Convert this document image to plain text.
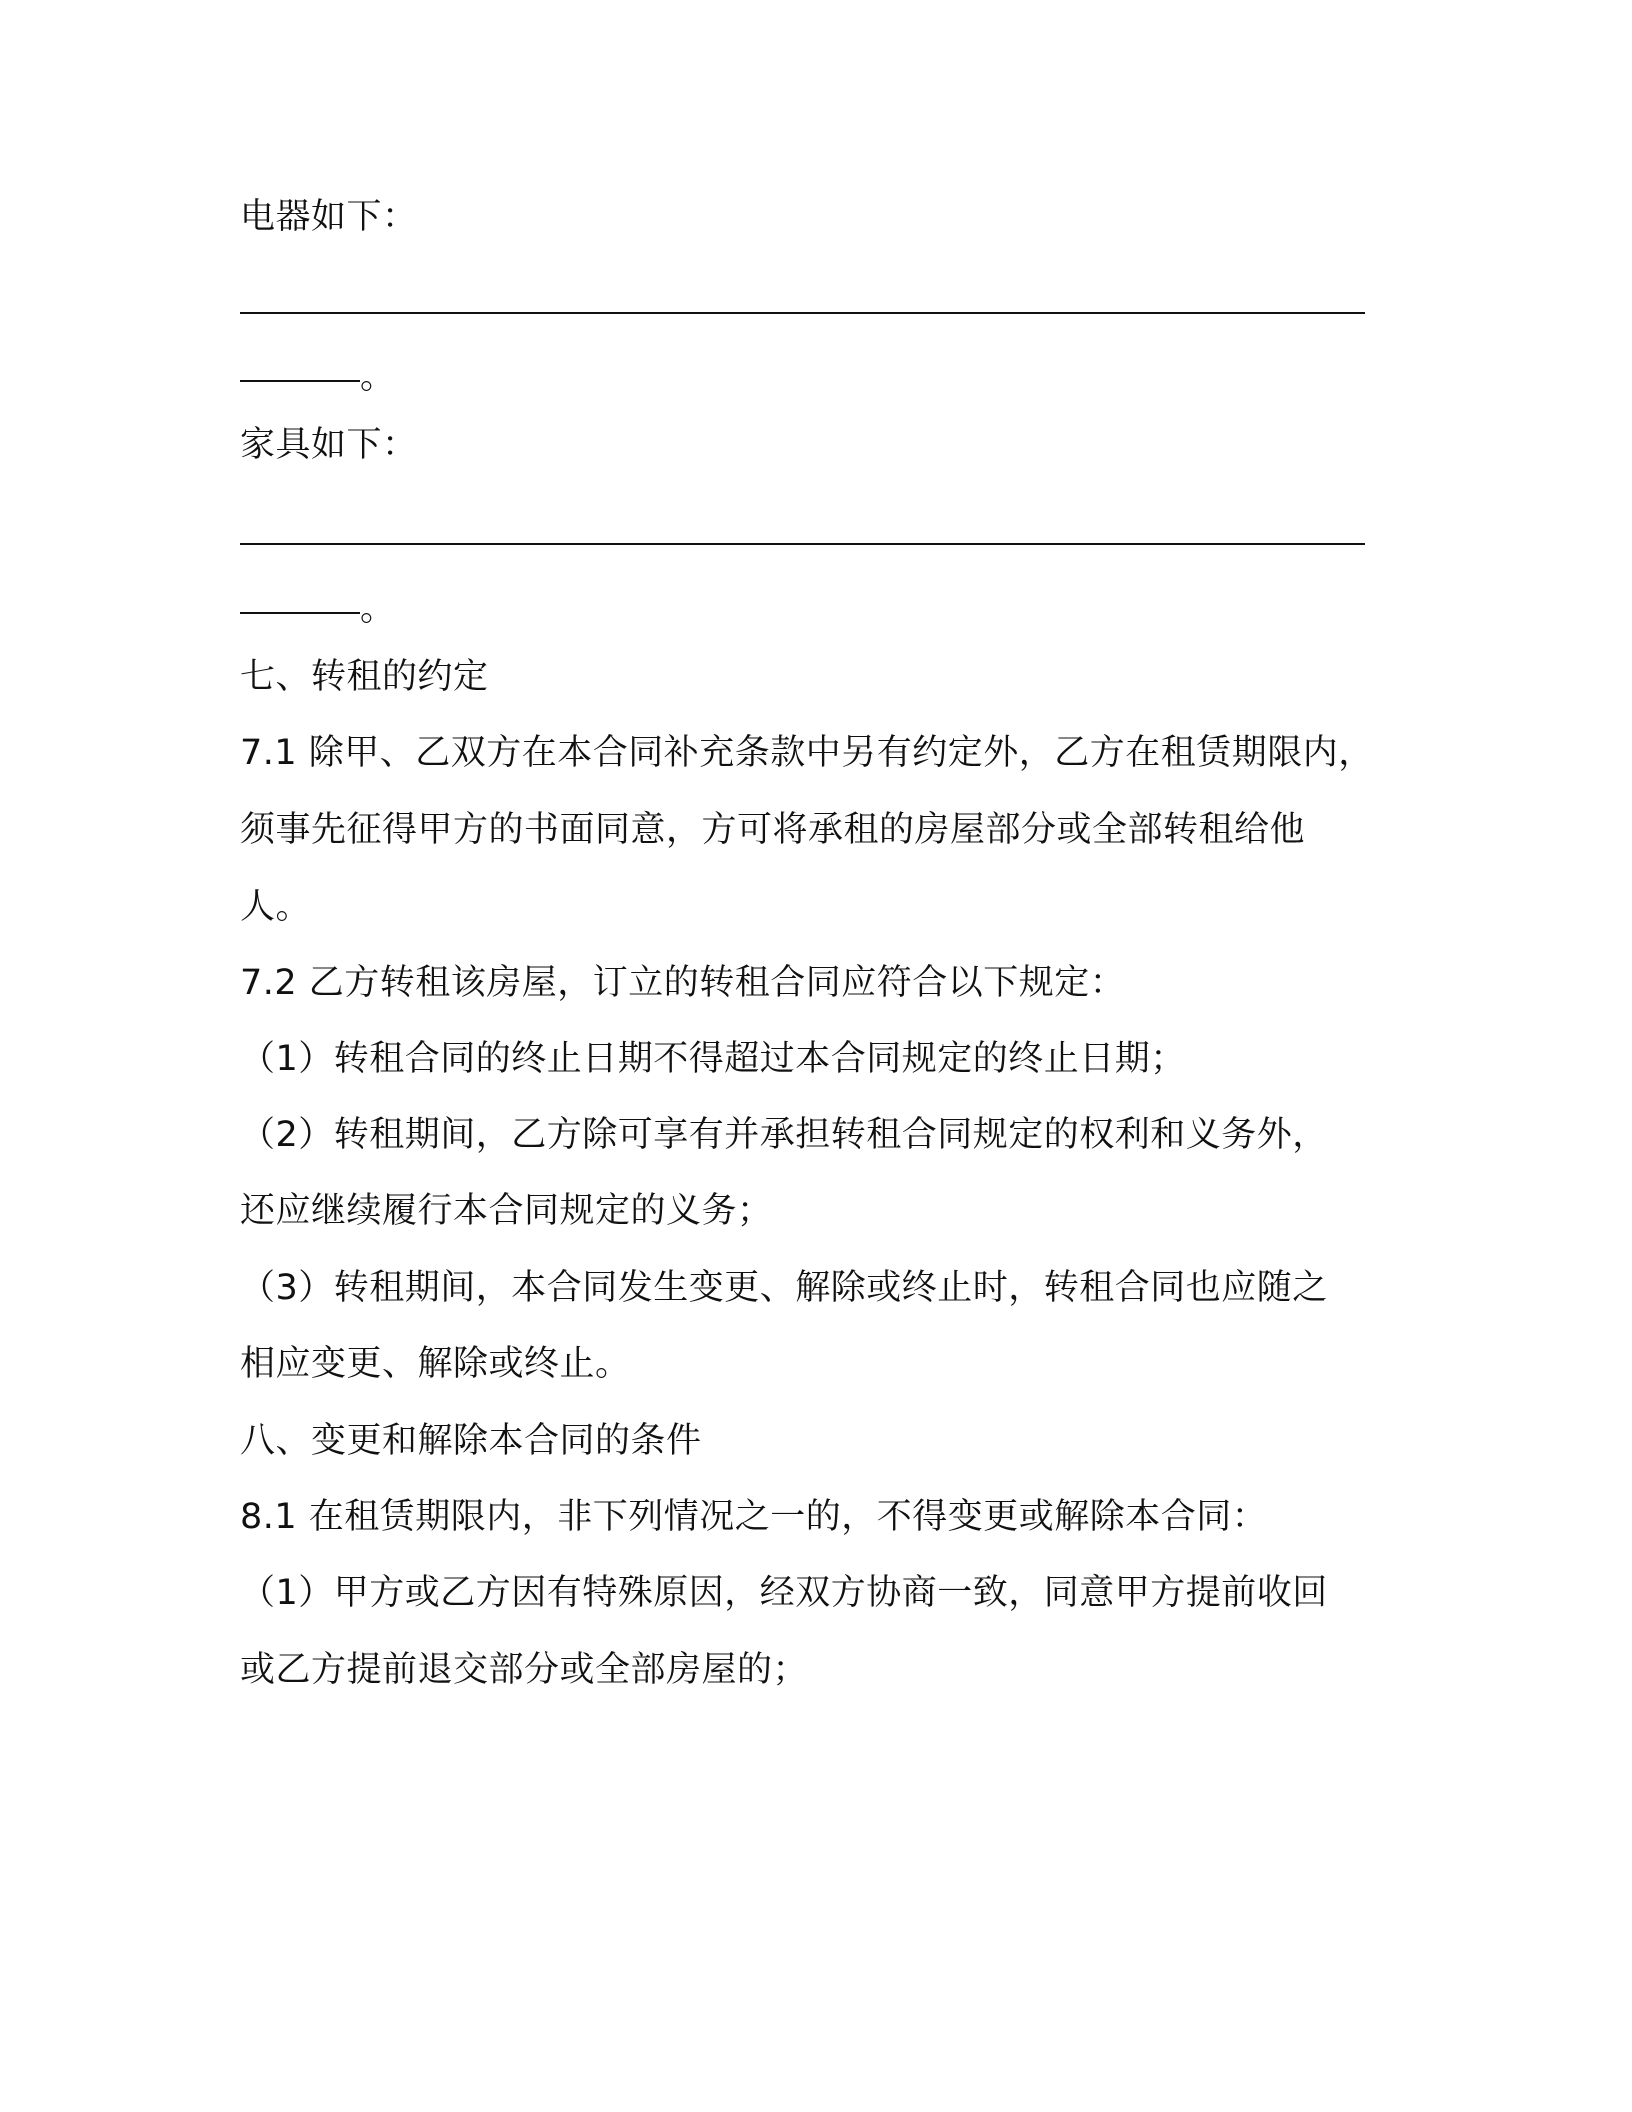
电器如下：
。
家具如下：
。
七、转租的约定
7.1 除甲、乙双方在本合同补充条款中另有约定外，乙方在租赁期限内，
须事先征得甲方的书面同意，方可将承租的房屋部分或全部转租给他
人。
7.2 乙方转租该房屋，订立的转租合同应符合以下规定：
（1）转租合同的终止日期不得超过本合同规定的终止日期；
（2）转租期间，乙方除可享有并承担转租合同规定的权利和义务外，
还应继续履行本合同规定的义务；
（3）转租期间，本合同发生变更、解除或终止时，转租合同也应随之
相应变更、解除或终止。
八、变更和解除本合同的条件
8.1 在租赁期限内，非下列情况之一的，不得变更或解除本合同：
（1）甲方或乙方因有特殊原因，经双方协商一致，同意甲方提前收回
或乙方提前退交部分或全部房屋的；
